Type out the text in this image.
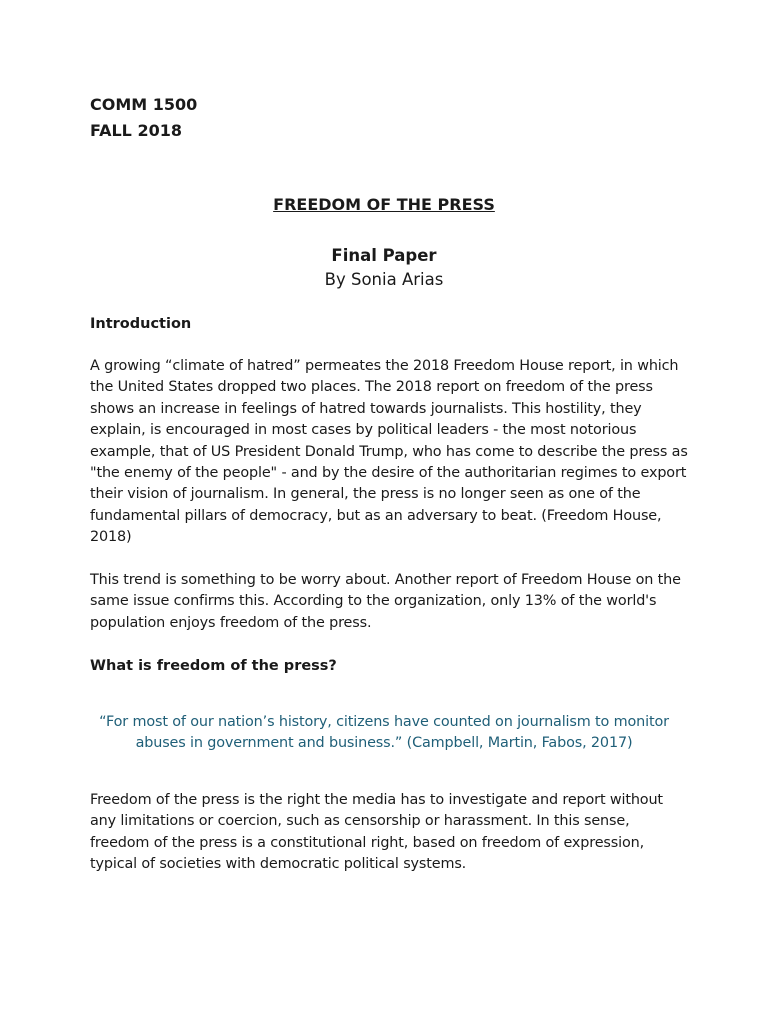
COMM 1500
FALL 2018
FREEDOM OF THE PRESS
Final Paper
By Sonia Arias
Introduction
A growing “climate of hatred” permeates the 2018 Freedom House report, in which the United States dropped two places. The 2018 report on freedom of the press shows an increase in feelings of hatred towards journalists. This hostility, they explain, is encouraged in most cases by political leaders - the most notorious example, that of US President Donald Trump, who has come to describe the press as "the enemy of the people" - and by the desire of the authoritarian regimes to export their vision of journalism. In general, the press is no longer seen as one of the fundamental pillars of democracy, but as an adversary to beat. (Freedom House, 2018)
This trend is something to be worry about. Another report of Freedom House on the same issue confirms this. According to the organization, only 13% of the world's population enjoys freedom of the press.
What is freedom of the press?
“For most of our nation’s history, citizens have counted on journalism to monitor abuses in government and business.” (Campbell, Martin, Fabos, 2017)
Freedom of the press is the right the media has to investigate and report without any limitations or coercion, such as censorship or harassment. In this sense, freedom of the press is a constitutional right, based on freedom of expression, typical of societies with democratic political systems.
